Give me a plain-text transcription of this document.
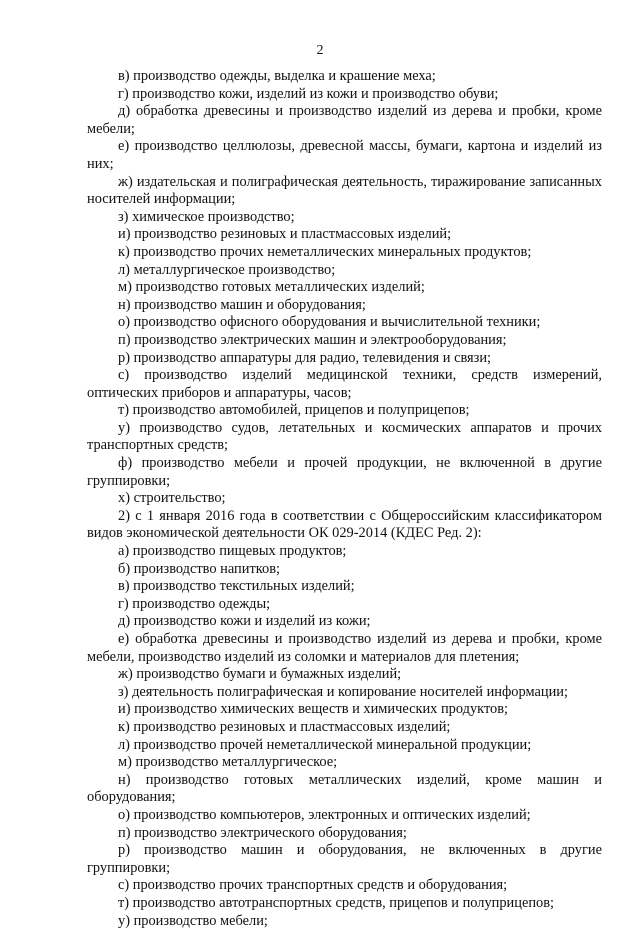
2

в) производство одежды, выделка и крашение меха;

г) производство кожи, изделий из кожи и производство обуви;

д) обработка древесины и производство изделий из дерева и пробки, кроме мебели;

е) производство целлюлозы, древесной массы, бумаги, картона и изделий из них;

ж) издательская и полиграфическая деятельность, тиражирование записанных носителей информации;

з) химическое производство;

и) производство резиновых и пластмассовых изделий;

к) производство прочих неметаллических минеральных продуктов;

л) металлургическое производство;

м) производство готовых металлических изделий;

н) производство машин и оборудования;

о) производство офисного оборудования и вычислительной техники;

п) производство электрических машин и электрооборудования;

р) производство аппаратуры для радио, телевидения и связи;

с) производство изделий медицинской техники, средств измерений, оптических приборов и аппаратуры, часов;

т) производство автомобилей, прицепов и полуприцепов;

у) производство судов, летательных и космических аппаратов и прочих транспортных средств;

ф) производство мебели и прочей продукции, не включенной в другие группировки;

х) строительство;

2) с 1 января 2016 года в соответствии с Общероссийским классификатором видов экономической деятельности ОК 029-2014 (КДЕС Ред. 2):

а) производство пищевых продуктов;

б) производство напитков;

в) производство текстильных изделий;

г) производство одежды;

д) производство кожи и изделий из кожи;

е) обработка древесины и производство изделий из дерева и пробки, кроме мебели, производство изделий из соломки и материалов для плетения;

ж) производство бумаги и бумажных изделий;

з) деятельность полиграфическая и копирование носителей информации;

и) производство химических веществ и химических продуктов;

к) производство резиновых и пластмассовых изделий;

л) производство прочей неметаллической минеральной продукции;

м) производство металлургическое;

н) производство готовых металлических изделий, кроме машин и оборудования;

о) производство компьютеров, электронных и оптических изделий;

п) производство электрического оборудования;

р) производство машин и оборудования, не включенных в другие группировки;

с) производство прочих транспортных средств и оборудования;

т) производство автотранспортных средств, прицепов и полуприцепов;

у) производство мебели;
